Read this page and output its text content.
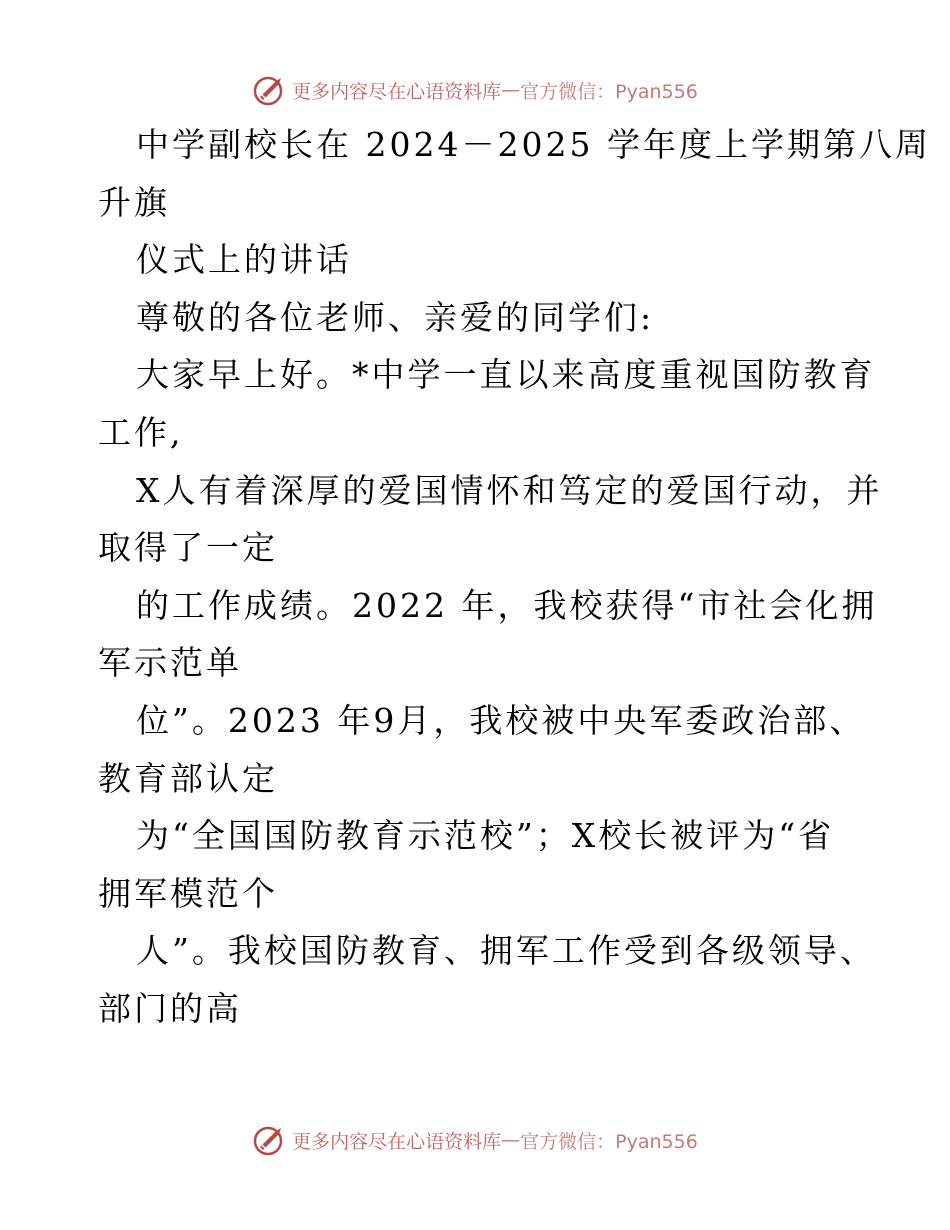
更多内容尽在心语资料库 — 官方微信：Pyan556
中学副校长在 2024－2025 学年度上学期第八周
升旗
仪式上的讲话
尊敬的各位老师、亲爱的同学们:
大家早上好。*中学一直以来高度重视国防教育
工作,
X人有着深厚的爱国情怀和笃定的爱国行动，并
取得了一定
的工作成绩。2022 年，我校获得“市社会化拥
军示范单
位”。2023 年9月，我校被中央军委政治部、
教育部认定
为“全国国防教育示范校”；X校长被评为“省
拥军模范个
人”。我校国防教育、拥军工作受到各级领导、
部门的高
更多内容尽在心语资料库 — 官方微信：Pyan556
